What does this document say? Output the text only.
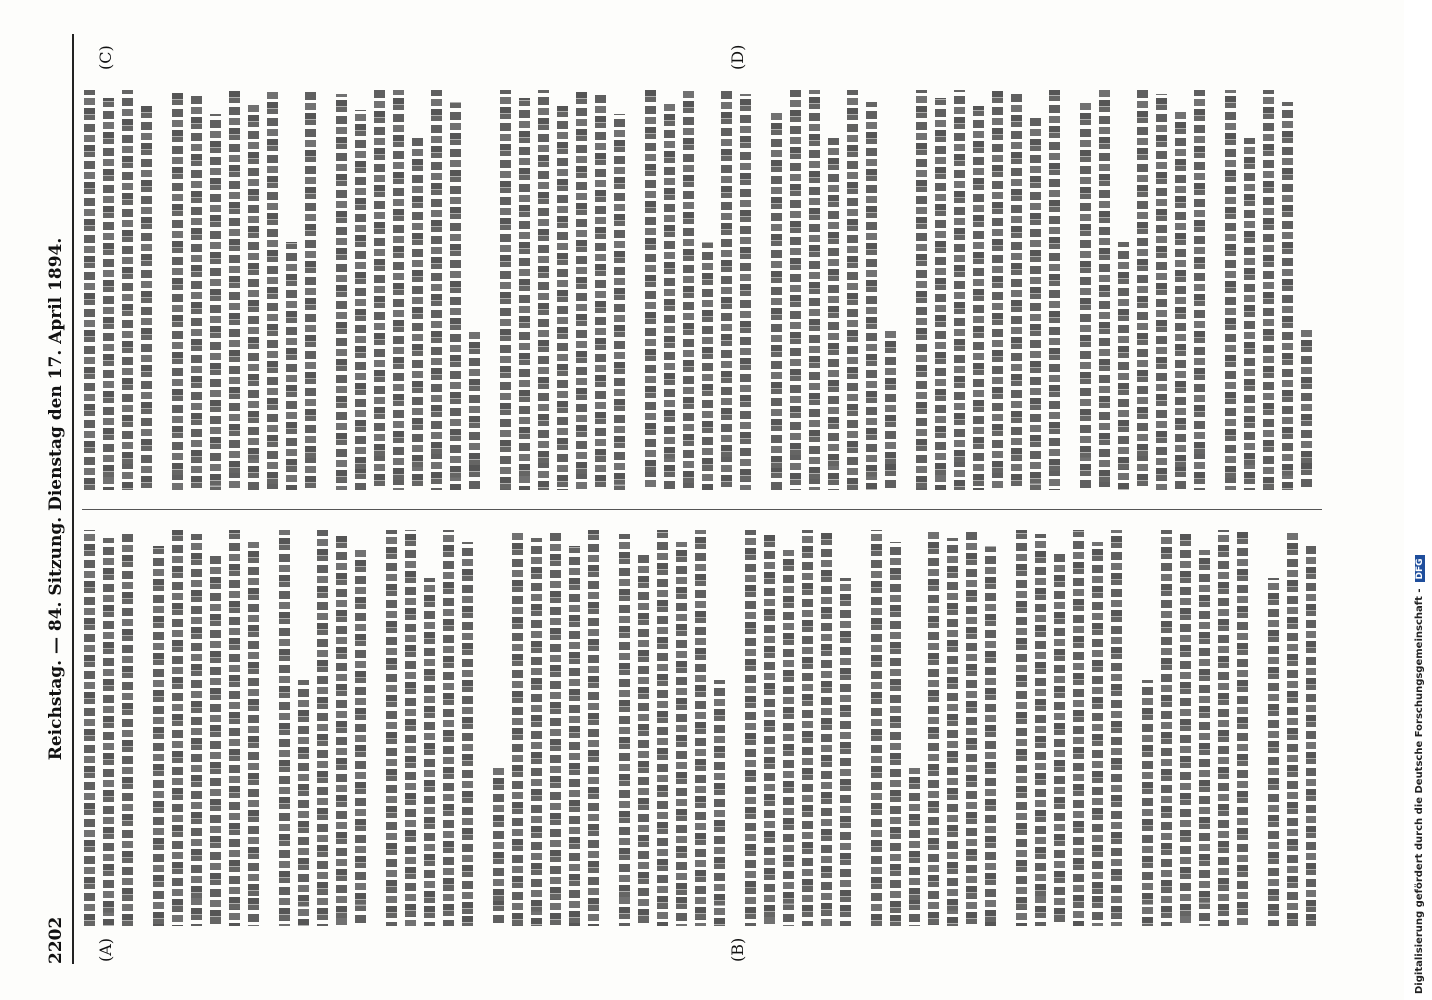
2202
Reichstag. — 84. Sitzung. Dienstag den 17. April 1894.
(A)	(B)
(C)	(D)
Digitalisierung gefördert durch die Deutsche Forschungsgemeinschaft -DFG
